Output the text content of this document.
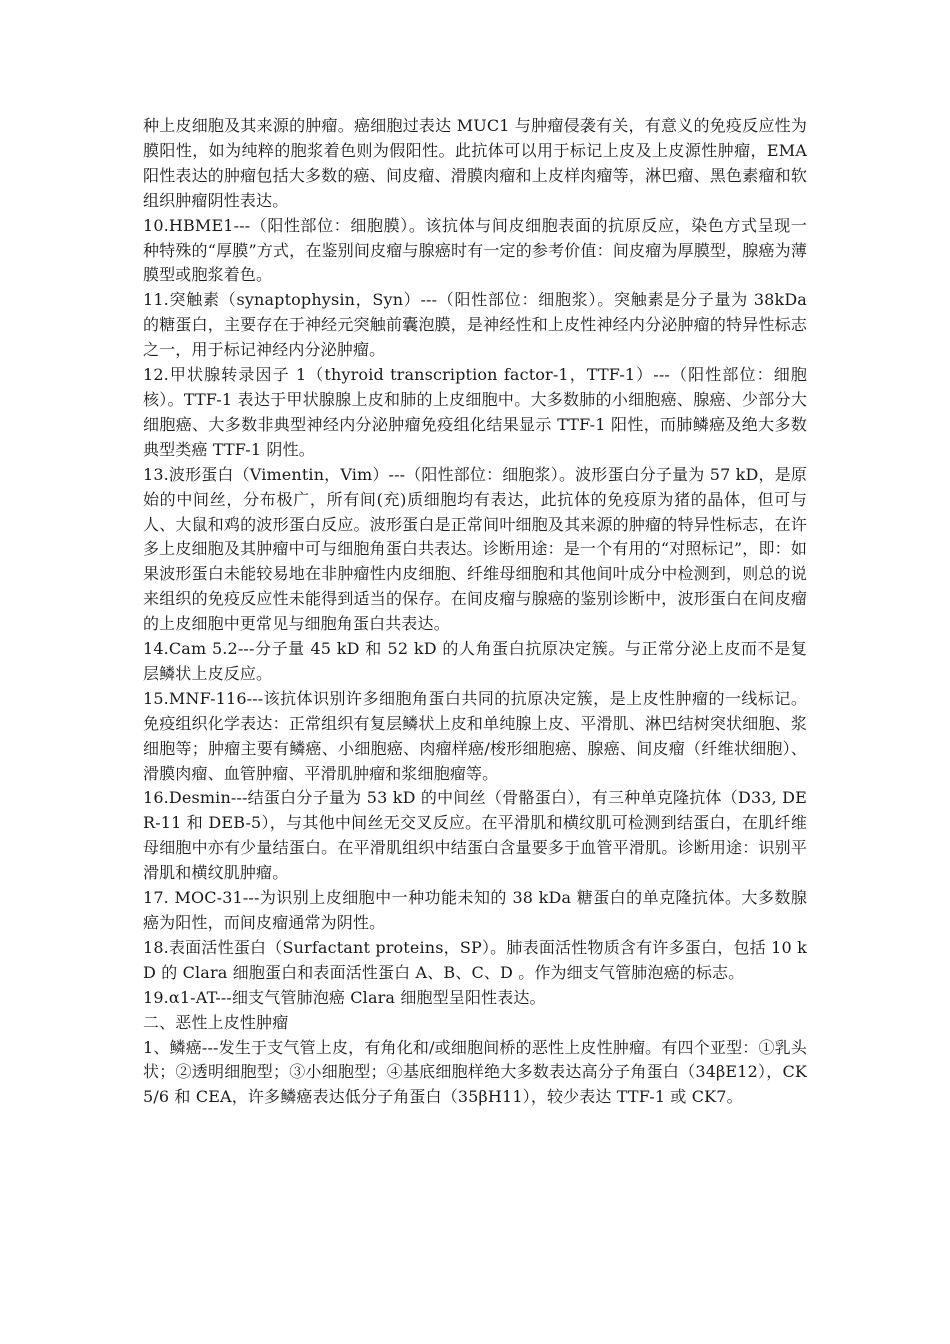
种上皮细胞及其来源的肿瘤。癌细胞过表达 MUC1 与肿瘤侵袭有关，有意义的免疫反应性为膜阳性，如为纯粹的胞浆着色则为假阳性。此抗体可以用于标记上皮及上皮源性肿瘤，EMA 阳性表达的肿瘤包括大多数的癌、间皮瘤、滑膜肉瘤和上皮样肉瘤等，淋巴瘤、黑色素瘤和软组织肿瘤阴性表达。

10.HBME1---（阳性部位：细胞膜）。该抗体与间皮细胞表面的抗原反应，染色方式呈现一种特殊的“厚膜”方式，在鉴别间皮瘤与腺癌时有一定的参考价值：间皮瘤为厚膜型，腺癌为薄膜型或胞浆着色。

11.突触素（synaptophysin，Syn）---（阳性部位：细胞浆）。突触素是分子量为 38kDa 的糖蛋白，主要存在于神经元突触前囊泡膜，是神经性和上皮性神经内分泌肿瘤的特异性标志之一，用于标记神经内分泌肿瘤。

12.甲状腺转录因子 1（thyroid transcription factor-1，TTF-1）---（阳性部位：细胞核）。TTF-1 表达于甲状腺腺上皮和肺的上皮细胞中。大多数肺的小细胞癌、腺癌、少部分大细胞癌、大多数非典型神经内分泌肿瘤免疫组化结果显示 TTF-1 阳性，而肺鳞癌及绝大多数典型类癌 TTF-1 阴性。

13.波形蛋白（Vimentin，Vim）---（阳性部位：细胞浆）。波形蛋白分子量为 57 kD，是原始的中间丝，分布极广，所有间(充)质细胞均有表达，此抗体的免疫原为猪的晶体，但可与人、大鼠和鸡的波形蛋白反应。波形蛋白是正常间叶细胞及其来源的肿瘤的特异性标志，在许多上皮细胞及其肿瘤中可与细胞角蛋白共表达。诊断用途：是一个有用的“对照标记”，即：如果波形蛋白未能较易地在非肿瘤性内皮细胞、纤维母细胞和其他间叶成分中检测到，则总的说来组织的免疫反应性未能得到适当的保存。在间皮瘤与腺癌的鉴别诊断中，波形蛋白在间皮瘤的上皮细胞中更常见与细胞角蛋白共表达。

14.Cam 5.2---分子量 45 kD 和 52 kD 的人角蛋白抗原决定簇。与正常分泌上皮而不是复层鳞状上皮反应。

15.MNF-116---该抗体识别许多细胞角蛋白共同的抗原决定簇，是上皮性肿瘤的一线标记。免疫组织化学表达：正常组织有复层鳞状上皮和单纯腺上皮、平滑肌、淋巴结树突状细胞、浆细胞等；肿瘤主要有鳞癌、小细胞癌、肉瘤样癌/梭形细胞癌、腺癌、间皮瘤（纤维状细胞）、滑膜肉瘤、血管肿瘤、平滑肌肿瘤和浆细胞瘤等。

16.Desmin---结蛋白分子量为 53 kD 的中间丝（骨骼蛋白），有三种单克隆抗体（D33, DER-11 和 DEB-5），与其他中间丝无交叉反应。在平滑肌和横纹肌可检测到结蛋白，在肌纤维母细胞中亦有少量结蛋白。在平滑肌组织中结蛋白含量要多于血管平滑肌。诊断用途：识别平滑肌和横纹肌肿瘤。

17. MOC-31---为识别上皮细胞中一种功能未知的 38 kDa 糖蛋白的单克隆抗体。大多数腺癌为阳性，而间皮瘤通常为阴性。

18.表面活性蛋白（Surfactant proteins，SP）。肺表面活性物质含有许多蛋白，包括 10 kD 的 Clara 细胞蛋白和表面活性蛋白 A、B、C、D 。作为细支气管肺泡癌的标志。

19.α1-AT---细支气管肺泡癌 Clara 细胞型呈阳性表达。

二、恶性上皮性肿瘤

1、鳞癌---发生于支气管上皮，有角化和/或细胞间桥的恶性上皮性肿瘤。有四个亚型：①乳头状；②透明细胞型；③小细胞型；④基底细胞样绝大多数表达高分子角蛋白（34βE12），CK5/6 和 CEA，许多鳞癌表达低分子角蛋白（35βH11），较少表达 TTF-1 或 CK7。
